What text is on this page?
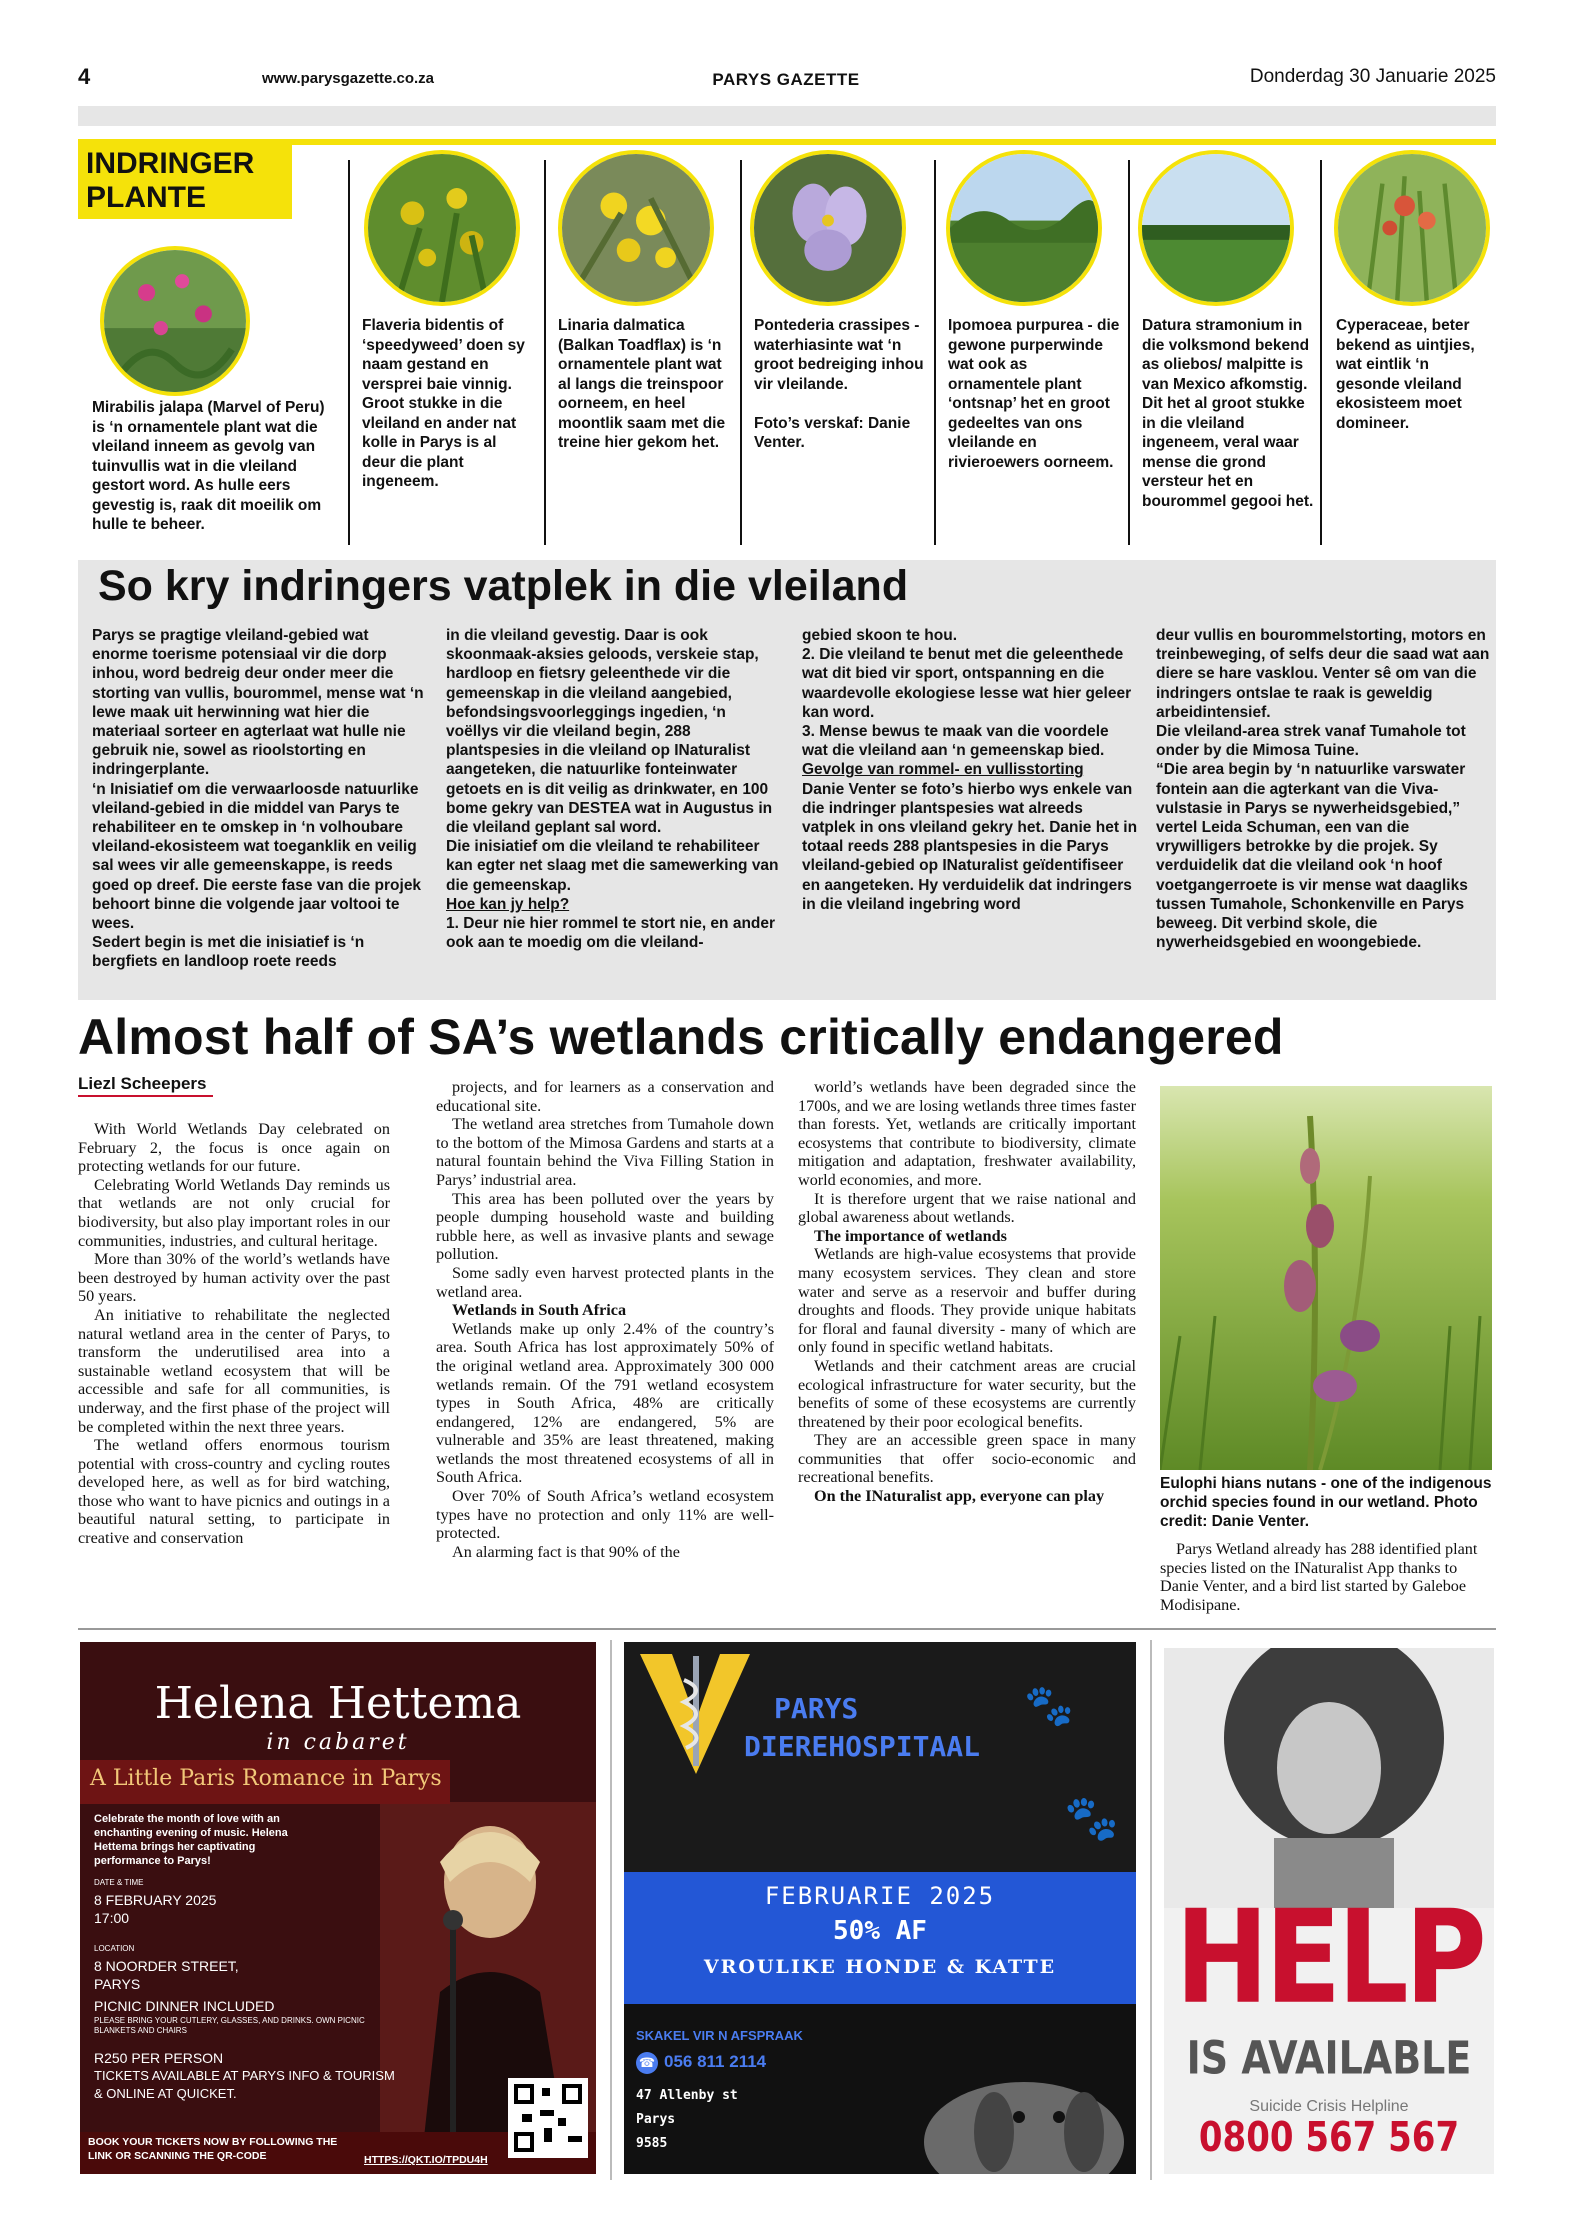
4	www.parysgazette.co.za	PARYS GAZETTE	Donderdag 30 Januarie 2025
INDRINGER
PLANTE
Mirabilis jalapa (Marvel of Peru) is ‘n ornamentele plant wat die vleiland inneem as gevolg van tuinvullis wat in die vleiland gestort word. As hulle eers gevestig is, raak dit moeilik om hulle te beheer.
Flaveria bidentis of ‘speedyweed’ doen sy naam gestand en versprei baie vinnig. Groot stukke in die vleiland en ander nat kolle in Parys is al deur die plant ingeneem.
Linaria dalmatica (Balkan Toadflax) is ‘n ornamentele plant wat al langs die treinspoor oorneem, en heel moontlik saam met die treine hier gekom het.
Pontederia crassipes - waterhiasinte wat ‘n groot bedreiging inhou vir vleilande.

Foto’s verskaf: Danie Venter.
Ipomoea purpurea - die gewone purperwinde wat ook as ornamentele plant ‘ontsnap’ het en groot gedeeltes van ons vleilande en rivieroewers oorneem.
Datura stramonium in die volksmond bekend as oliebos/ malpitte is van Mexico afkomstig. Dit het al groot stukke in die vleiland ingeneem, veral waar mense die grond versteur het en bourommel gegooi het.
Cyperaceae, beter bekend as uintjies, wat eintlik ‘n gesonde vleiland ekosisteem moet domineer.
So kry indringers vatplek in die vleiland

Parys se pragtige vleiland-gebied wat enorme toerisme potensiaal vir die dorp inhou, word bedreig deur onder meer die storting van vullis, bourommel, mense wat ‘n lewe maak uit herwinning wat hier die materiaal sorteer en agterlaat wat hulle nie gebruik nie, sowel as rioolstorting en indringerplante.

‘n Inisiatief om die verwaarloosde natuurlike vleiland-gebied in die middel van Parys te rehabiliteer en te omskep in ‘n volhoubare vleiland-ekosisteem wat toeganklik en veilig sal wees vir alle gemeenskappe, is reeds goed op dreef. Die eerste fase van die projek behoort binne die volgende jaar voltooi te wees.

Sedert begin is met die inisiatief is ‘n bergfiets en landloop roete reeds

in die vleiland gevestig. Daar is ook skoonmaak-aksies geloods, verskeie stap, hardloop en fietsry geleenthede vir die gemeenskap in die vleiland aangebied, befondsingsvoorleggings ingedien, ‘n voëllys vir die vleiland begin, 288 plantspesies in die vleiland op INaturalist aangeteken, die natuurlike fonteinwater getoets en is dit veilig as drinkwater, en 100 bome gekry van DESTEA wat in Augustus in die vleiland geplant sal word.

Die inisiatief om die vleiland te rehabiliteer kan egter net slaag met die samewerking van die gemeenskap.

Hoe kan jy help?

1. Deur nie hier rommel te stort nie, en ander ook aan te moedig om die vleiland-

gebied skoon te hou.

2. Die vleiland te benut met die geleenthede wat dit bied vir sport, ontspanning en die waardevolle ekologiese lesse wat hier geleer kan word.

3. Mense bewus te maak van die voordele wat die vleiland aan ‘n gemeenskap bied.

Gevolge van rommel- en vullisstorting

Danie Venter se foto’s hierbo wys enkele van die indringer plantspesies wat alreeds vatplek in ons vleiland gekry het. Danie het in totaal reeds 288 plantspesies in die Parys vleiland-gebied op INaturalist geïdentifiseer en aangeteken. Hy verduidelik dat indringers in die vleiland ingebring word

deur vullis en bourommelstorting, motors en treinbeweging, of selfs deur die saad wat aan diere se hare vasklou. Venter sê om van die indringers ontslae te raak is geweldig arbeidintensief.

Die vleiland-area strek vanaf Tumahole tot onder by die Mimosa Tuine.

“Die area begin by ‘n natuurlike varswater fontein aan die agterkant van die Viva-vulstasie in Parys se nywerheidsgebied,” vertel Leida Schuman, een van die vrywilligers betrokke by die projek. Sy verduidelik dat die vleiland ook ‘n hoof voetgangerroete is vir mense wat daagliks tussen Tumahole, Schonkenville en Parys beweeg. Dit verbind skole, die nywerheidsgebied en woongebiede.

Almost half of SA’s wetlands critically endangered
Liezl Scheepers

With World Wetlands Day celebrated on February 2, the focus is once again on protecting wetlands for our future.

Celebrating World Wetlands Day reminds us that wetlands are not only crucial for biodiversity, but also play important roles in our communities, industries, and cultural heritage.

More than 30% of the world’s wetlands have been destroyed by human activity over the past 50 years.

An initiative to rehabilitate the neglected natural wetland area in the center of Parys, to transform the underutilised area into a sustainable wetland ecosystem that will be accessible and safe for all communities, is underway, and the first phase of the project will be completed within the next three years.

The wetland offers enormous tourism potential with cross-country and cycling routes developed here, as well as for bird watching, those who want to have picnics and outings in a beautiful natural setting, to participate in creative and conservation

projects, and for learners as a conservation and educational site.

The wetland area stretches from Tumahole down to the bottom of the Mimosa Gardens and starts at a natural fountain behind the Viva Filling Station in Parys’ industrial area.

This area has been polluted over the years by people dumping household waste and building rubble here, as well as invasive plants and sewage pollution.

Some sadly even harvest protected plants in the wetland area.

Wetlands in South Africa

Wetlands make up only 2.4% of the country’s area. South Africa has lost approximately 50% of the original wetland area. Approximately 300 000 wetlands remain. Of the 791 wetland ecosystem types in South Africa, 48% are critically endangered, 12% are endangered, 5% are vulnerable and 35% are least threatened, making wetlands the most threatened ecosystems of all in South Africa.

Over 70% of South Africa’s wetland ecosystem types have no protection and only 11% are well-protected.

An alarming fact is that 90% of the

world’s wetlands have been degraded since the 1700s, and we are losing wetlands three times faster than forests. Yet, wetlands are critically important ecosystems that contribute to biodiversity, climate mitigation and adaptation, freshwater availability, world economies, and more.

It is therefore urgent that we raise national and global awareness about wetlands.

The importance of wetlands

Wetlands are high-value ecosystems that provide many ecosystem services. They clean and store water and serve as a reservoir and buffer during droughts and floods. They provide unique habitats for floral and faunal diversity - many of which are only found in specific wetland habitats.

Wetlands and their catchment areas are crucial ecological infrastructure for water security, but the benefits of some of these ecosystems are currently threatened by their poor ecological benefits.

They are an accessible green space in many communities that offer socio-economic and recreational benefits.

On the INaturalist app, everyone can play

Eulophi hians nutans - one of the indigenous orchid species found in our wetland. Photo credit: Danie Venter.

Parys Wetland already has 288 identified plant species listed on the INaturalist App thanks to Danie Venter, and a bird list started by Galeboe Modisipane.

Helena Hettema
in cabaret
A Little Paris Romance in Parys
Celebrate the month of love with an enchanting evening of music. Helena Hettema brings her captivating performance to Parys!
DATE & TIME
8 FEBRUARY 2025
17:00
LOCATION
8 NOORDER STREET,
PARYS
PICNIC DINNER INCLUDED
PLEASE BRING YOUR CUTLERY, GLASSES, AND DRINKS. OWN PICNIC BLANKETS AND CHAIRS
R250 PER PERSON
TICKETS AVAILABLE AT PARYS INFO & TOURISM
& ONLINE AT QUICKET.
BOOK YOUR TICKETS NOW BY FOLLOWING THE
LINK OR SCANNING THE QR-CODE	HTTPS://QKT.IO/TPDU4H
PARYS
DIEREHOSPITAAL
FEBRUARIE 2025
50% AF
VROULIKE HONDE & KATTE
SKAKEL VIR N AFSPRAAK
☎ 056 811 2114
47 Allenby st
Parys
9585
🐾
🐾
HELP
IS AVAILABLE
Suicide Crisis Helpline
0800 567 567
